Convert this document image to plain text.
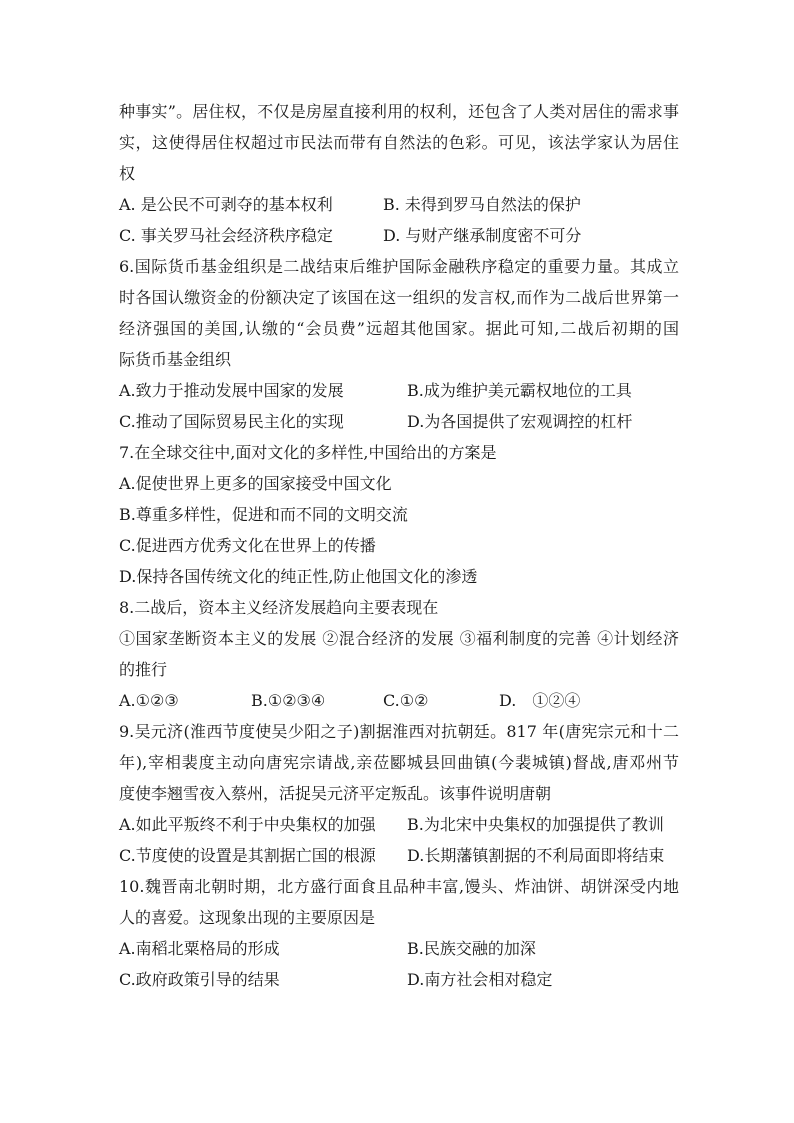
种事实”。居住权，不仅是房屋直接利用的权利，还包含了人类对居住的需求事
实，这使得居住权超过市民法而带有自然法的色彩。可见，该法学家认为居住
权
A. 是公民不可剥夺的基本权利	B. 未得到罗马自然法的保护
C. 事关罗马社会经济秩序稳定	D. 与财产继承制度密不可分
6.国际货币基金组织是二战结束后维护国际金融秩序稳定的重要力量。其成立
时各国认缴资金的份额决定了该国在这一组织的发言权,而作为二战后世界第一
经济强国的美国,认缴的“会员费”远超其他国家。据此可知,二战后初期的国
际货币基金组织
A.致力于推动发展中国家的发展	B.成为维护美元霸权地位的工具
C.推动了国际贸易民主化的实现	D.为各国提供了宏观调控的杠杆
7.在全球交往中,面对文化的多样性,中国给出的方案是
A.促使世界上更多的国家接受中国文化
B.尊重多样性，促进和而不同的文明交流
C.促进西方优秀文化在世界上的传播
D.保持各国传统文化的纯正性,防止他国文化的渗透
8.二战后，资本主义经济发展趋向主要表现在
①国家垄断资本主义的发展 ②混合经济的发展 ③福利制度的完善 ④计划经济
的推行
A.①②③	B.①②③④	C.①②	D.　①②④
9.吴元济(淮西节度使吴少阳之子)割据淮西对抗朝廷。817 年(唐宪宗元和十二
年),宰相裴度主动向唐宪宗请战,亲莅郾城县回曲镇(今裴城镇)督战,唐邓州节
度使李翘雪夜入蔡州，活捉吴元济平定叛乱。该事件说明唐朝
A.如此平叛终不利于中央集权的加强	B.为北宋中央集权的加强提供了教训
C.节度使的设置是其割据亡国的根源	D.长期藩镇割据的不利局面即将结束
10.魏晋南北朝时期，北方盛行面食且品种丰富,馒头、炸油饼、胡饼深受内地
人的喜爱。这现象出现的主要原因是
A.南稻北粟格局的形成	B.民族交融的加深
C.政府政策引导的结果	D.南方社会相对稳定
